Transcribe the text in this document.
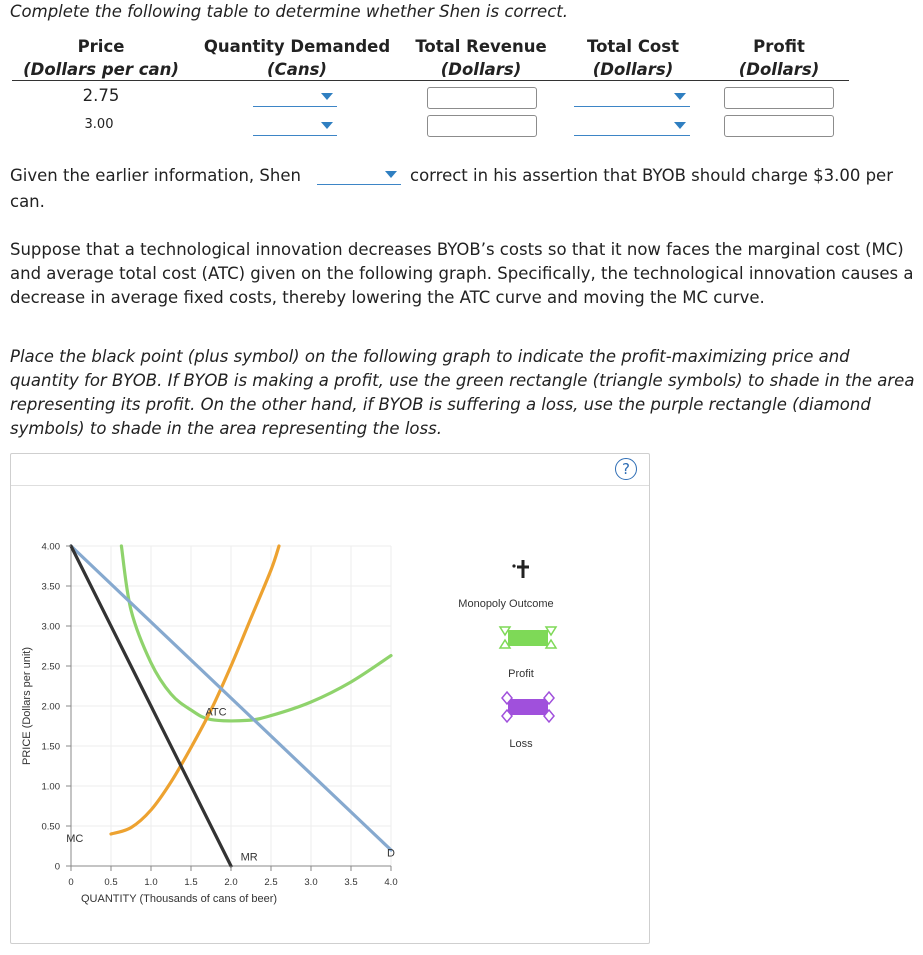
Complete the following table to determine whether Shen is correct.
Price
(Dollars per can)
Quantity Demanded
(Cans)
Total Revenue
(Dollars)
Total Cost
(Dollars)
Profit
(Dollars)
2.75
3.00
Given the earlier information, Shen	correct in his assertion that BYOB should charge $3.00 per
can.
Suppose that a technological innovation decreases BYOB’s costs so that it now faces the marginal cost (MC) and average total cost (ATC) given on the following graph. Specifically, the technological innovation causes a decrease in average fixed costs, thereby lowering the ATC curve and moving the MC curve.
Place the black point (plus symbol) on the following graph to indicate the profit-maximizing price and quantity for BYOB. If BYOB is making a profit, use the green rectangle (triangle symbols) to shade in the area representing its profit. On the other hand, if BYOB is suffering a loss, use the purple rectangle (diamond symbols) to shade in the area representing the loss.
?
0	0.5	1.0	1.5	2.0	2.5	3.0	3.5	4.0
0
0.50
1.00
1.50
2.00
2.50
3.00
3.50
4.00
QUANTITY (Thousands of cans of beer)
PRICE (Dollars per unit)	ATC
MC
MR	D
Monopoly Outcome
Profit
Loss
